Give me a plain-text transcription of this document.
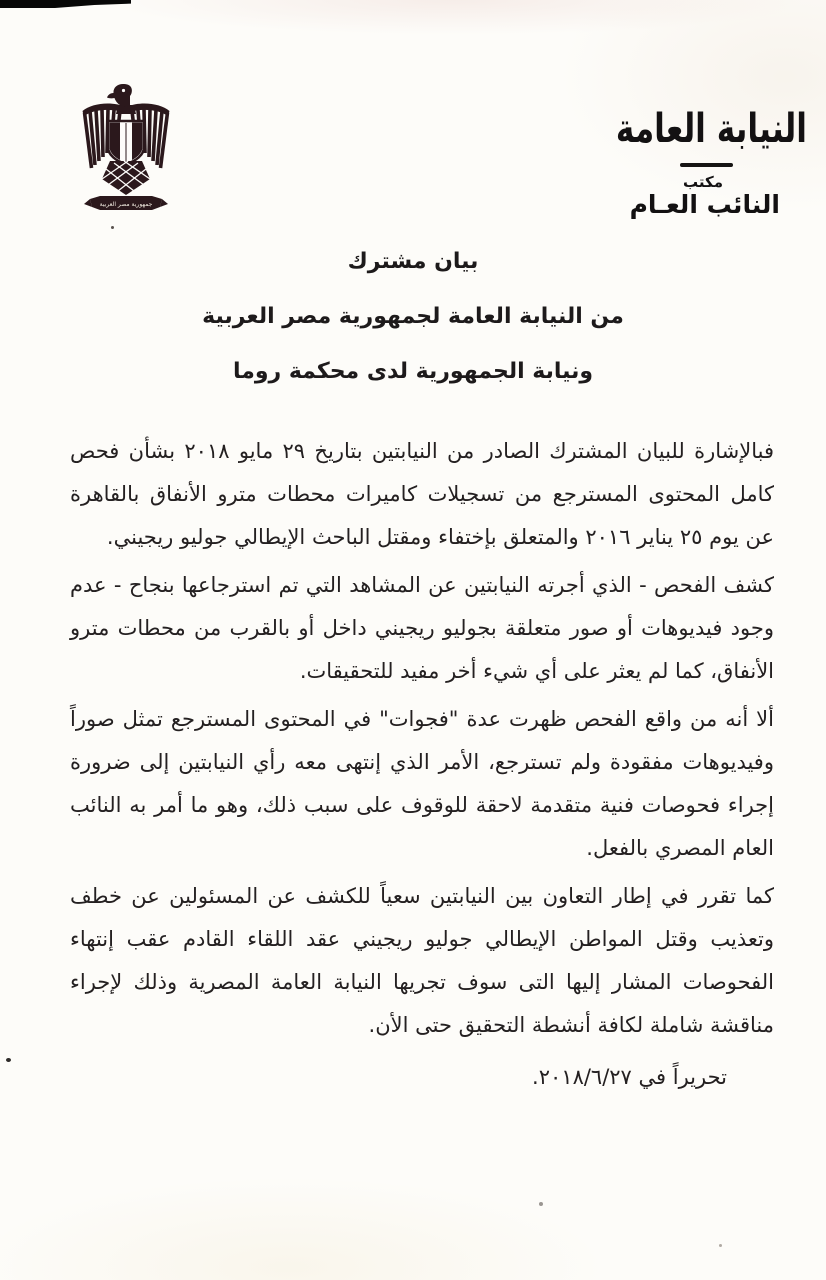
جمهورية مصر العربية
النيابة العامة
مكتب
النائب العـام
بيان مشترك
من النيابة العامة لجمهورية مصر العربية
ونيابة الجمهورية لدى محكمة روما

فبالإشارة للبيان المشترك الصادر من النيابتين بتاريخ ٢٩ مايو ٢٠١٨ بشأن فحص كامل المحتوى المسترجع من تسجيلات كاميرات محطات مترو الأنفاق بالقاهرة عن يوم ٢٥ يناير ٢٠١٦ والمتعلق بإختفاء ومقتل الباحث الإيطالي جوليو ريجيني.

كشف الفحص - الذي أجرته النيابتين عن المشاهد التي تم استرجاعها بنجاح - عدم وجود فيديوهات أو صور متعلقة بجوليو ريجيني داخل أو بالقرب من محطات مترو الأنفاق، كما لم يعثر على أي شيء أخر مفيد للتحقيقات.

ألا أنه من واقع الفحص ظهرت عدة "فجوات" في المحتوى المسترجع تمثل صوراً وفيديوهات مفقودة ولم تسترجع، الأمر الذي إنتهى معه رأي النيابتين إلى ضرورة إجراء فحوصات فنية متقدمة لاحقة للوقوف على سبب ذلك، وهو ما أمر به النائب العام المصري بالفعل.

كما تقرر في إطار التعاون بين النيابتين سعياً للكشف عن المسئولين عن خطف وتعذيب وقتل المواطن الإيطالي جوليو ريجيني عقد اللقاء القادم عقب إنتهاء الفحوصات المشار إليها التى سوف تجريها النيابة العامة المصرية وذلك لإجراء مناقشة شاملة لكافة أنشطة التحقيق حتى الأن.

تحريراً في ٢٠١٨/٦/٢٧.
